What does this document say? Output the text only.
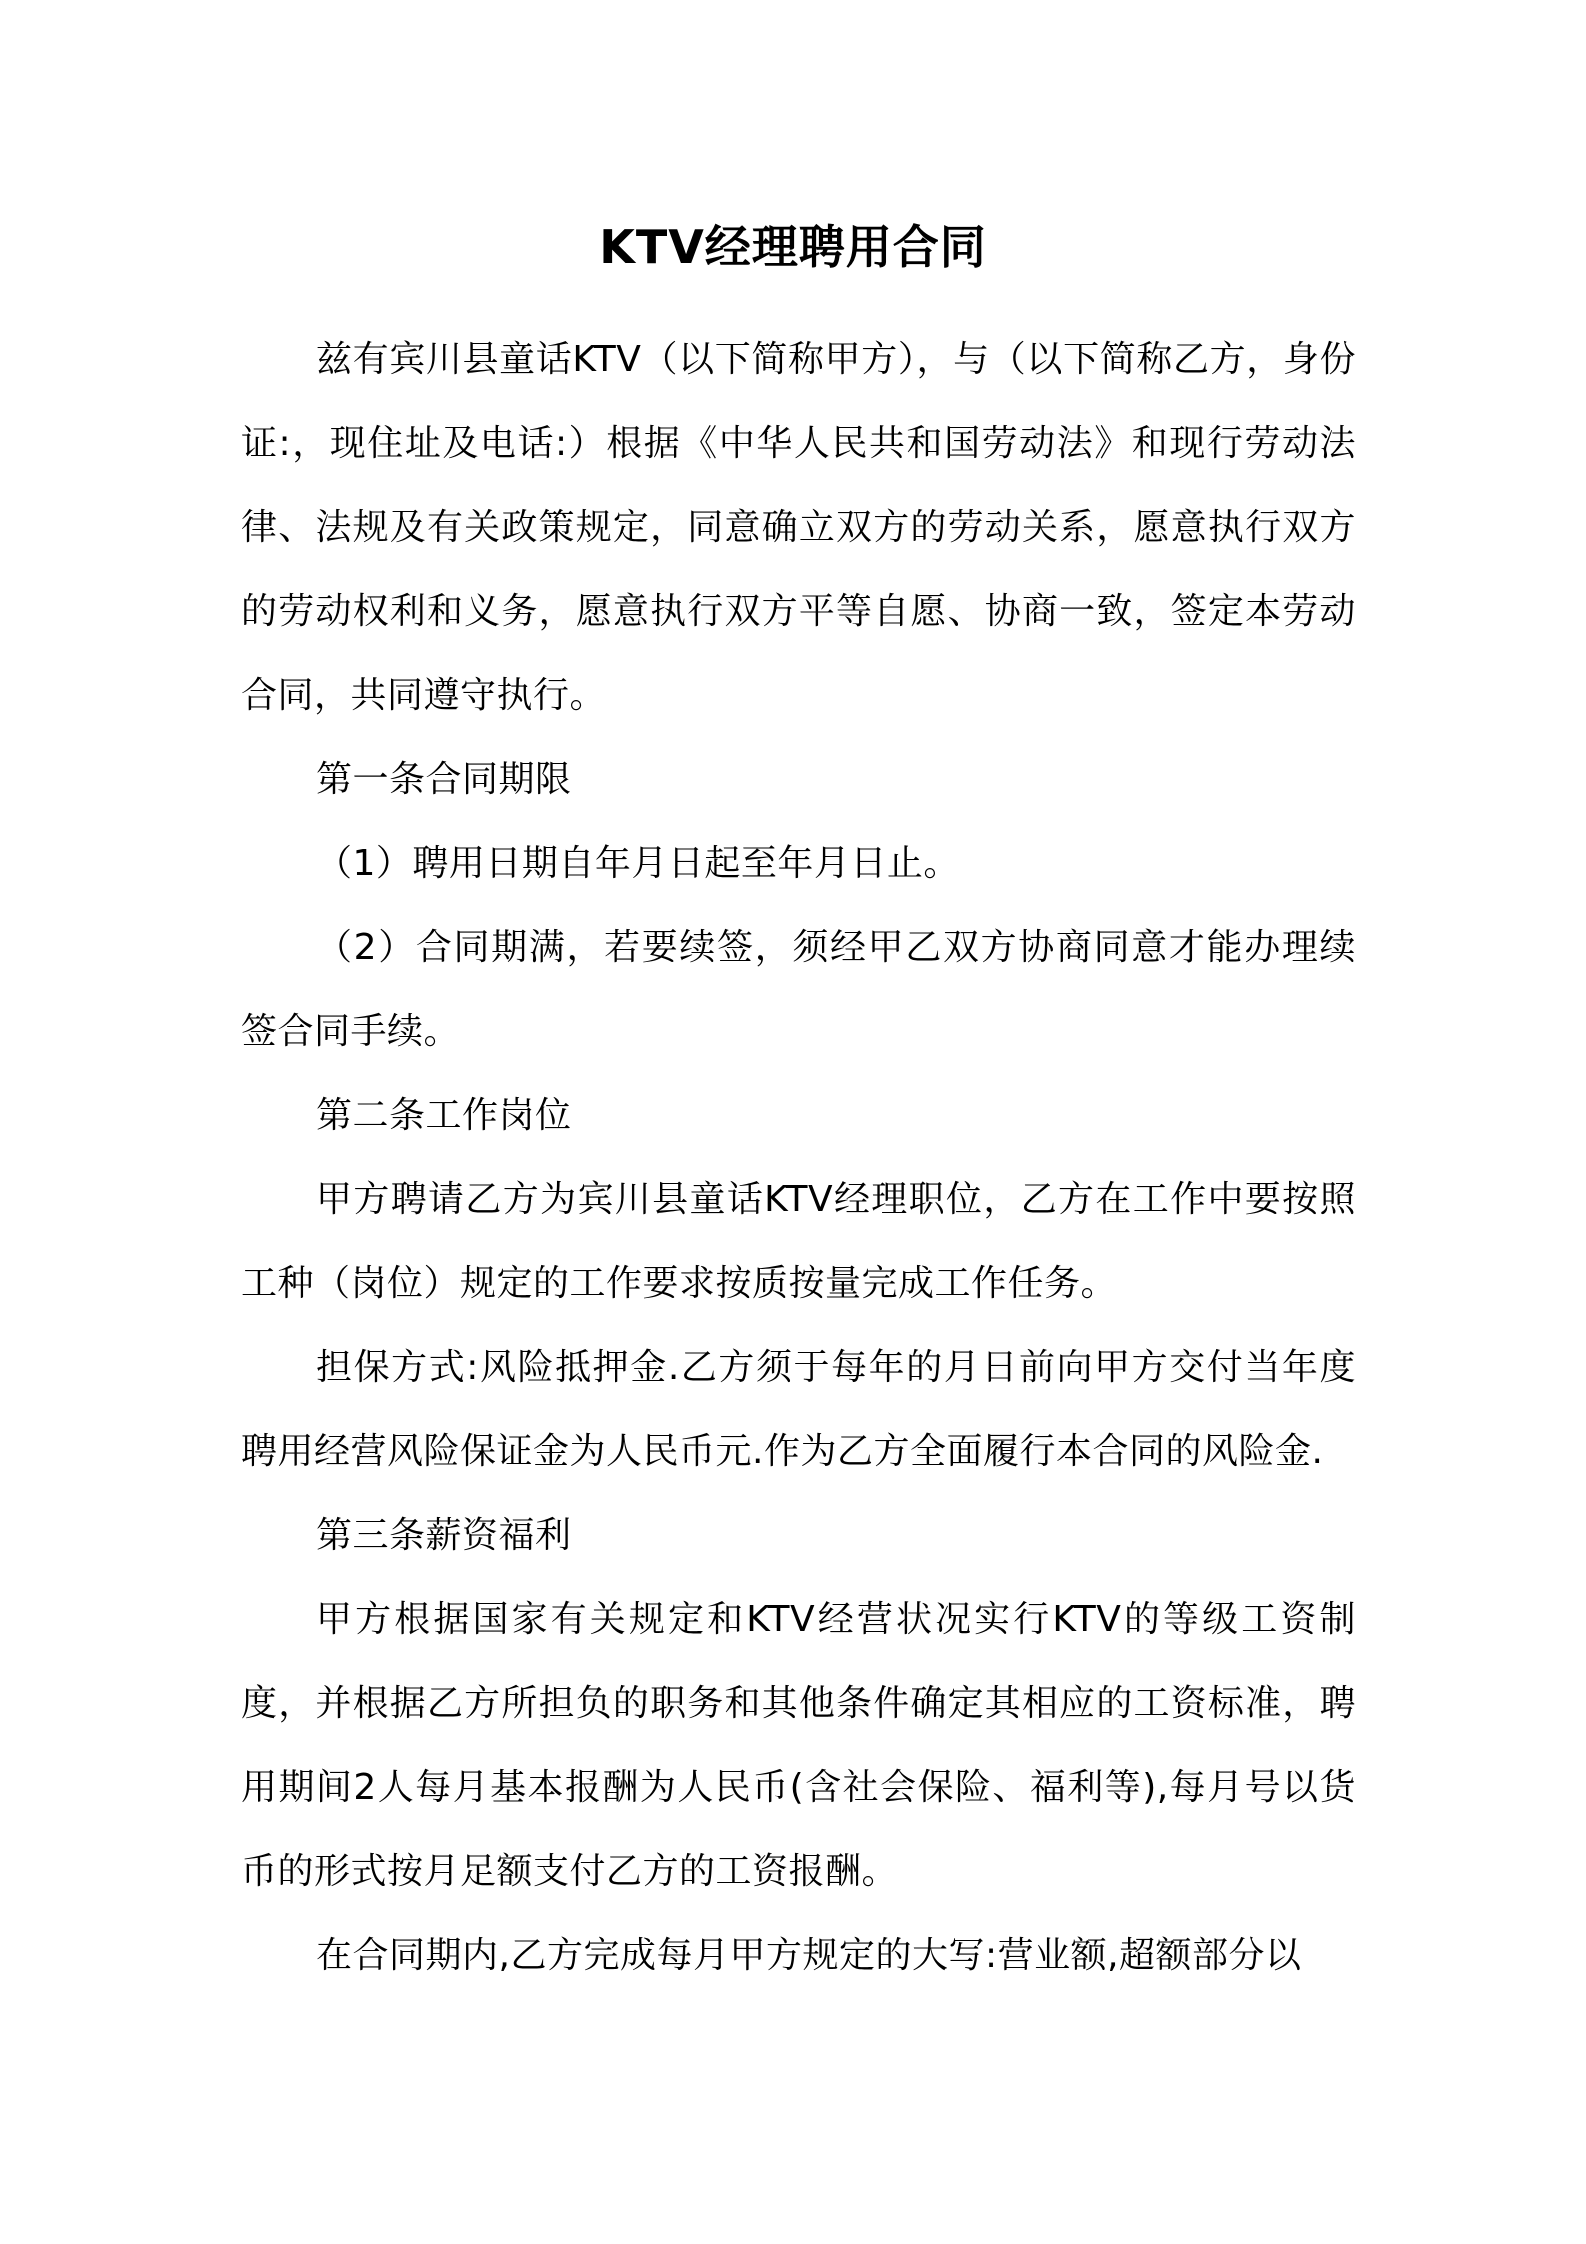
KTV经理聘用合同

兹有宾川县童话KTV（以下简称甲方），与（以下简称乙方，身份证:，现住址及电话:）根据《中华人民共和国劳动法》和现行劳动法律、法规及有关政策规定，同意确立双方的劳动关系，愿意执行双方的劳动权利和义务，愿意执行双方平等自愿、协商一致，签定本劳动合同，共同遵守执行。

第一条合同期限

（1）聘用日期自年月日起至年月日止。

（2）合同期满，若要续签，须经甲乙双方协商同意才能办理续签合同手续。

第二条工作岗位

甲方聘请乙方为宾川县童话KTV经理职位，乙方在工作中要按照工种（岗位）规定的工作要求按质按量完成工作任务。

担保方式:风险抵押金.乙方须于每年的月日前向甲方交付当年度聘用经营风险保证金为人民币元.作为乙方全面履行本合同的风险金.

第三条薪资福利

甲方根据国家有关规定和KTV经营状况实行KTV的等级工资制度，并根据乙方所担负的职务和其他条件确定其相应的工资标准，聘用期间2人每月基本报酬为人民币(含社会保险、福利等),每月号以货币的形式按月足额支付乙方的工资报酬。

在合同期内,乙方完成每月甲方规定的大写:营业额,超额部分以
